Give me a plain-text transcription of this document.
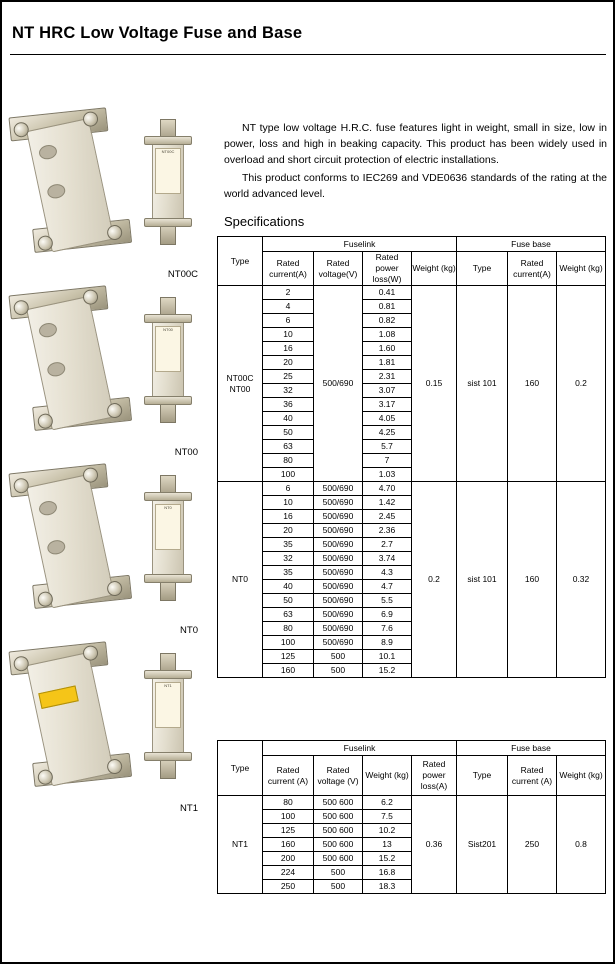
NT HRC Low Voltage Fuse and Base

NT type low voltage H.R.C. fuse features light in weight, small in size, low in power, loss and high in beaking capacity. This product has been widely used in overload and short circuit protection of electric installations.

This product conforms to IEC269 and VDE0636 standards of the rating at the world advanced level.

Specifications
NT00C
NT00C
NT00
NT00
NT0
NT0
NT1
NT1
Type	Fuselink				Fuse base		
	Rated current(A)	Rated voltage(V)	Rated power loss(W)	Weight (kg)	Type	Rated current(A)	Weight (kg)
NT00C
NT00	2	500/690	0.41	0.15	sist 101	160	0.2
	4		0.81				
	6		0.82				
	10		1.08				
	16		1.60				
	20		1.81				
	25		2.31				
	32		3.07				
	36		3.17				
	40		4.05				
	50		4.25				
	63		5.7				
	80		7				
	100		1.03				
NT0	6	500/690	4.70	0.2	sist 101	160	0.32
	10	500/690	1.42				
	16	500/690	2.45				
	20	500/690	2.36				
	35	500/690	2.7				
	32	500/690	3.74				
	35	500/690	4.3				
	40	500/690	4.7				
	50	500/690	5.5				
	63	500/690	6.9				
	80	500/690	7.6				
	100	500/690	8.9				
	125	500	10.1				
	160	500	15.2				
Type	Fuselink				Fuse base		
	Rated current (A)	Rated voltage (V)	Weight (kg)	Rated power loss(A)	Type	Rated current (A)	Weight (kg)
NT1	80	500 600	6.2	0.36	Sist201	250	0.8
	100	500 600	7.5				
	125	500 600	10.2				
	160	500 600	13				
	200	500 600	15.2				
	224	500	16.8				
	250	500	18.3				
